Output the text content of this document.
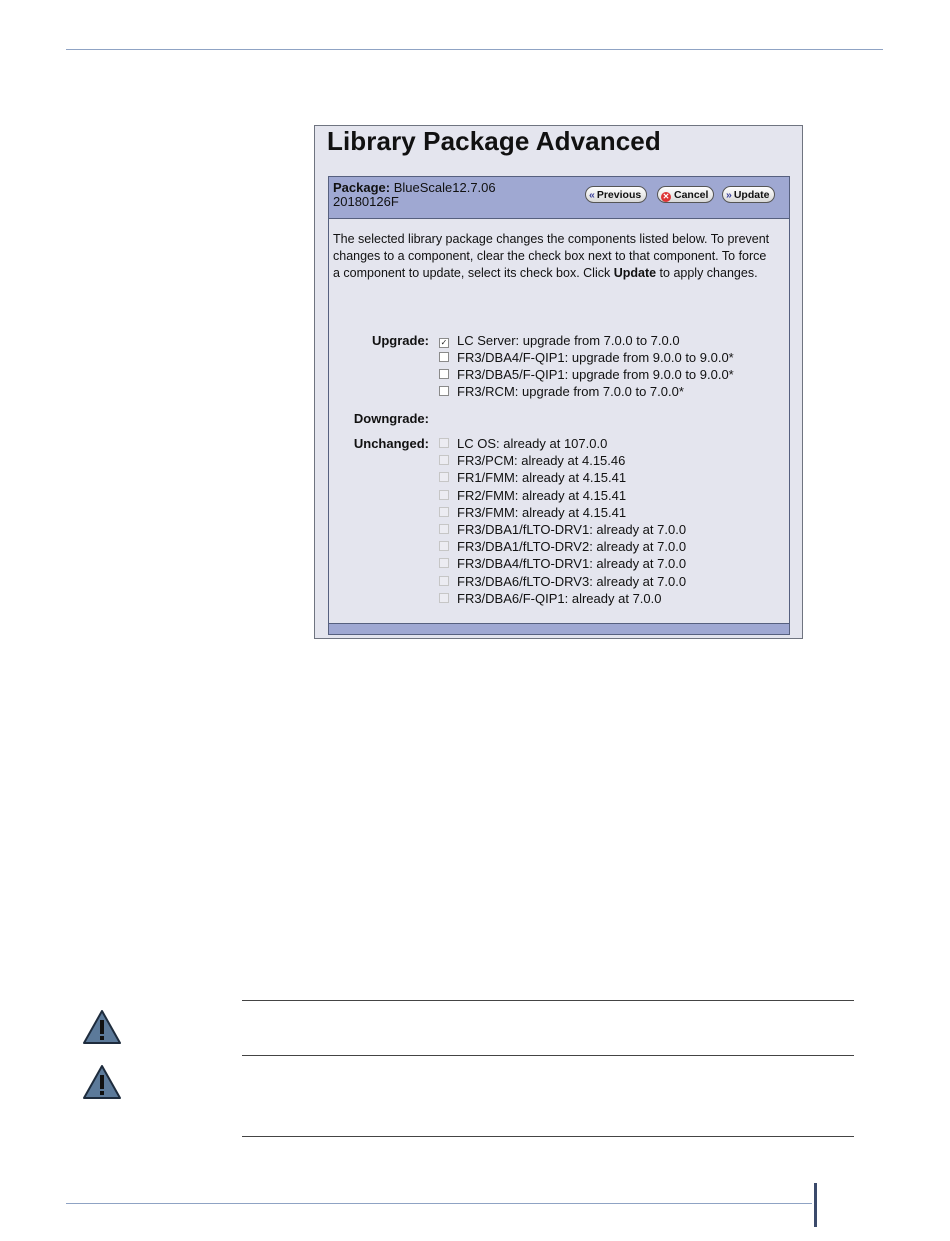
Library Package Advanced
Package: BlueScale12.7.06
20180126F	« Previous	✕ Cancel	» Update
The selected library package changes the components listed below. To prevent changes to a component, clear the check box next to that component. To force a component to update, select its check box. Click Update to apply changes.
Upgrade: ✓ LC Server: upgrade from 7.0.0 to 7.0.0
FR3/DBA4/F-QIP1: upgrade from 9.0.0 to 9.0.0*
FR3/DBA5/F-QIP1: upgrade from 9.0.0 to 9.0.0*
FR3/RCM: upgrade from 7.0.0 to 7.0.0*
Downgrade:
Unchanged:	LC OS: already at 107.0.0
FR3/PCM: already at 4.15.46
FR1/FMM: already at 4.15.41
FR2/FMM: already at 4.15.41
FR3/FMM: already at 4.15.41
FR3/DBA1/fLTO-DRV1: already at 7.0.0
FR3/DBA1/fLTO-DRV2: already at 7.0.0
FR3/DBA4/fLTO-DRV1: already at 7.0.0
FR3/DBA6/fLTO-DRV3: already at 7.0.0
FR3/DBA6/F-QIP1: already at 7.0.0
